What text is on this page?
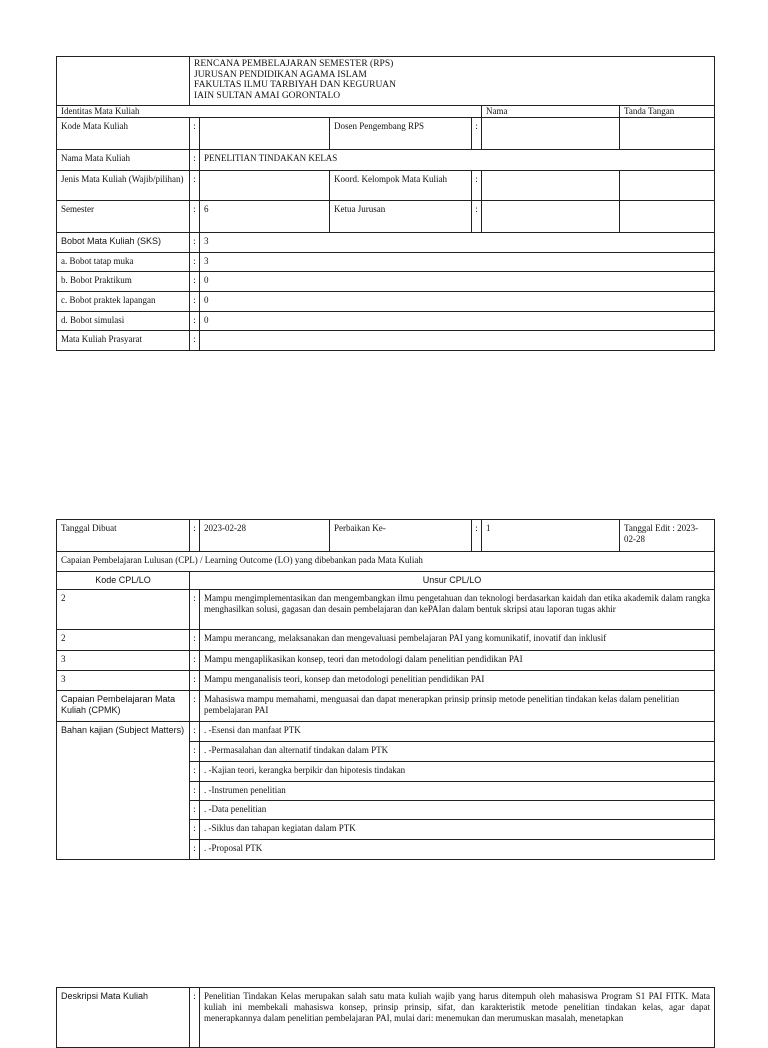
	RENCANA PEMBELAJARAN SEMESTER (RPS)
JURUSAN PENDIDIKAN AGAMA ISLAM
FAKULTAS ILMU TARBIYAH DAN KEGURUAN
IAIN SULTAN AMAI GORONTALO					

Identitas Mata Kuliah					Nama	Tanda Tangan
Kode Mata Kuliah	:		Dosen Pengembang RPS	:		
Nama Mata Kuliah	:	PENELITIAN TINDAKAN KELAS				
Jenis Mata Kuliah (Wajib/pilihan)	:		Koord. Kelompok Mata Kuliah	:		
Semester	:	6	Ketua Jurusan	:		
Bobot Mata Kuliah (SKS)	:	3				
a. Bobot tatap muka	:	3				
b. Bobot Praktikum	:	0				
c. Bobot praktek lapangan	:	0				
d. Bobot simulasi	:	0				
Mata Kuliah Prasyarat	:					
Tanggal Dibuat	:	2023-02-28	Perbaikan Ke-	:	1	Tanggal Edit : 2023-02-28
Capaian Pembelajaran Lulusan (CPL) / Learning Outcome (LO) yang dibebankan pada Mata Kuliah						
Kode CPL/LO	Unsur CPL/LO					
2	:	Mampu mengimplementasikan dan mengembangkan ilmu pengetahuan dan teknologi berdasarkan kaidah dan etika akademik dalam rangka menghasilkan solusi, gagasan dan desain pembelajaran dan kePAIan dalam bentuk skripsi atau laporan tugas akhir				
2	:	Mampu merancang, melaksanakan dan mengevaluasi pembelajaran PAI yang komunikatif, inovatif dan inklusif				
3	:	Mampu mengaplikasikan konsep, teori dan metodologi dalam penelitian pendidikan PAI				
3	:	Mampu menganalisis teori, konsep dan metodologi penelitian pendidikan PAI				
Capaian Pembelajaran Mata Kuliah (CPMK)	:	Mahasiswa mampu memahami, menguasai dan dapat menerapkan prinsip prinsip metode penelitian tindakan kelas dalam penelitian pembelajaran PAI				
Bahan kajian (Subject Matters)	:	. -Esensi dan manfaat PTK				
	:	. -Permasalahan dan alternatif tindakan dalam PTK				
	:	. -Kajian teori, kerangka berpikir dan hipotesis tindakan				
	:	. -Instrumen penelitian				
	:	. -Data penelitian				
	:	. -Siklus dan tahapan kegiatan dalam PTK				
	:	. -Proposal PTK				
Deskripsi Mata Kuliah	:	Penelitian Tindakan Kelas merupakan salah satu mata kuliah wajib yang harus ditempuh oleh mahasiswa Program S1 PAI FITK. Mata kuliah ini membekali mahasiswa konsep, prinsip prinsip, sifat, dan karakteristik metode penelitian tindakan kelas, agar dapat menerapkannya dalam penelitian pembelajaran PAI, mulai dari: menemukan dan merumuskan masalah, menetapkan
